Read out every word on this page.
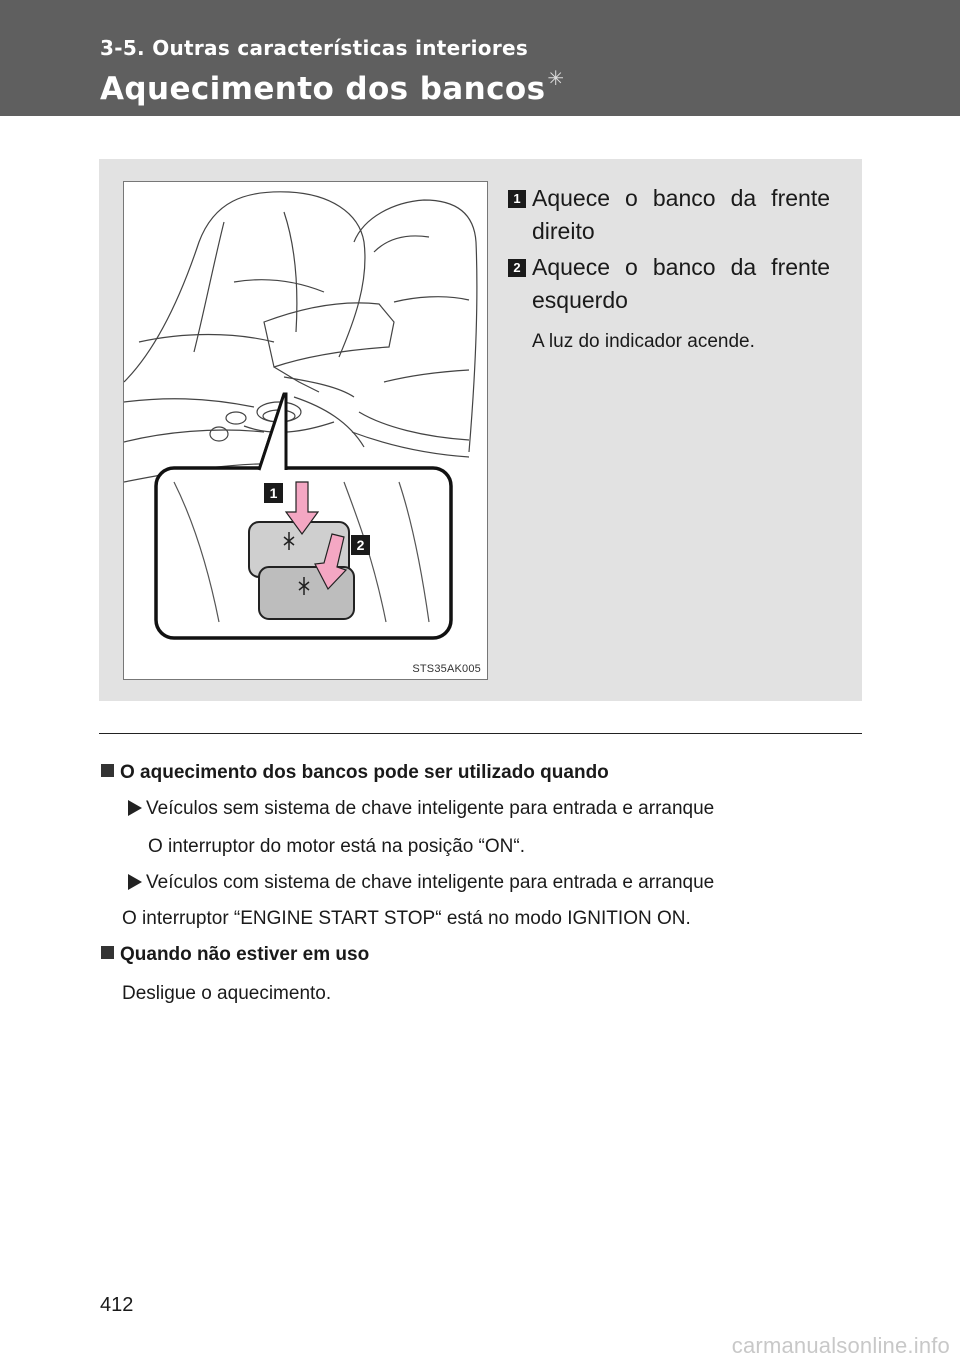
3-5. Outras características interiores
Aquecimento dos bancos ✳
1
2
STS35AK005
1 Aquece o banco da frente direito
2 Aquece o banco da frente esquerdo
A luz do indicador acende.
O aquecimento dos bancos pode ser utilizado quando
Veículos sem sistema de chave inteligente para entrada e arranque
O interruptor do motor está na posição “ON“.
Veículos com sistema de chave inteligente para entrada e arranque
O interruptor “ENGINE START STOP“ está no modo IGNITION ON.
Quando não estiver em uso
Desligue o aquecimento.
412
carmanualsonline.info
